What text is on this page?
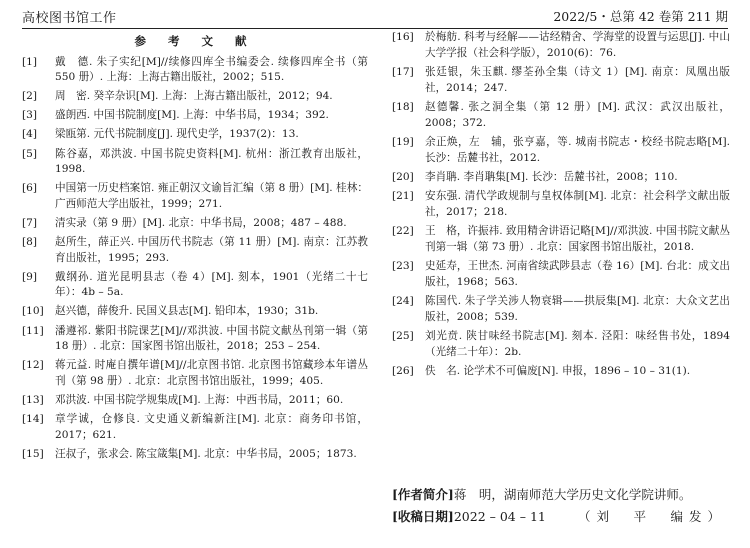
高校图书馆工作	2022/5・总第 42 卷第 211 期
参 考 文 献
[1]	戴　德. 朱子实纪[M]//续修四库全书编委会. 续修四库全书（第 550 册）. 上海：上海古籍出版社，2002；515.
[2]	周　密. 癸辛杂识[M]. 上海：上海古籍出版社，2012；94.
[3]	盛朗西. 中国书院制度[M]. 上海：中华书局，1934；392.
[4]	梁瓯第. 元代书院制度[J]. 现代史学，1937(2)：13.
[5]	陈谷嘉，邓洪波. 中国书院史资料[M]. 杭州：浙江教育出版社，1998.
[6]	中国第一历史档案馆. 雍正朝汉文谕旨汇编（第 8 册）[M]. 桂林：广西师范大学出版社，1999；271.
[7]	清实录（第 9 册）[M]. 北京：中华书局，2008；487 – 488.
[8]	赵所生，薛正兴. 中国历代书院志（第 11 册）[M]. 南京：江苏教育出版社，1995；293.
[9]	戴纲孙. 道光昆明县志（卷 4）[M]. 刻本，1901（光绪二十七年）：4b – 5a.
[10]	赵兴德，薛俊升. 民国义县志[M]. 铅印本，1930；31b.
[11]	潘遵祁. 紫阳书院课艺[M]//邓洪波. 中国书院文献丛刊第一辑（第 18 册）. 北京：国家图书馆出版社，2018；253 – 254.
[12]	蒋元益. 时庵自撰年谱[M]//北京图书馆. 北京图书馆藏珍本年谱丛刊（第 98 册）. 北京：北京图书馆出版社，1999；405.
[13]	邓洪波. 中国书院学规集成[M]. 上海：中西书局，2011；60.
[14]	章学诚，仓修良. 文史通义新编新注[M]. 北京：商务印书馆，2017；621.
[15]	汪叔子，张求会. 陈宝箴集[M]. 北京：中华书局，2005；1873.
[16]	於梅舫. 科考与经解——诂经精舍、学海堂的设置与运思[J]. 中山大学学报（社会科学版），2010(6)：76.
[17]	张廷银，朱玉麒. 缪荃孙全集（诗文 1）[M]. 南京：凤凰出版社，2014；247.
[18]	赵德馨. 张之洞全集（第 12 册）[M]. 武汉：武汉出版社，2008；372.
[19]	余正焕，左　辅，张亨嘉，等. 城南书院志・校经书院志略[M]. 长沙：岳麓书社，2012.
[20]	李肖聃. 李肖聃集[M]. 长沙：岳麓书社，2008；110.
[21]	安东强. 清代学政规制与皇权体制[M]. 北京：社会科学文献出版社，2017；218.
[22]	王　格，许振祎. 致用精舍讲语记略[M]//邓洪波. 中国书院文献丛刊第一辑（第 73 册）. 北京：国家图书馆出版社，2018.
[23]	史延寿，王世杰. 河南省续武陟县志（卷 16）[M]. 台北：成文出版社，1968；563.
[24]	陈国代. 朱子学关涉人物衰辑——拱辰集[M]. 北京：大众文艺出版社，2008；539.
[25]	刘光贲. 陕甘味经书院志[M]. 刻本. 泾阳：味经售书处，1894（光绪二十年）：2b.
[26]	佚　名. 论学术不可偏废[N]. 申报，1896 – 10 – 31(1).
[作者简介]蒋　明，湖南师范大学历史文化学院讲师。
[收稿日期]2022 – 04 – 11	（刘　平　编发）
